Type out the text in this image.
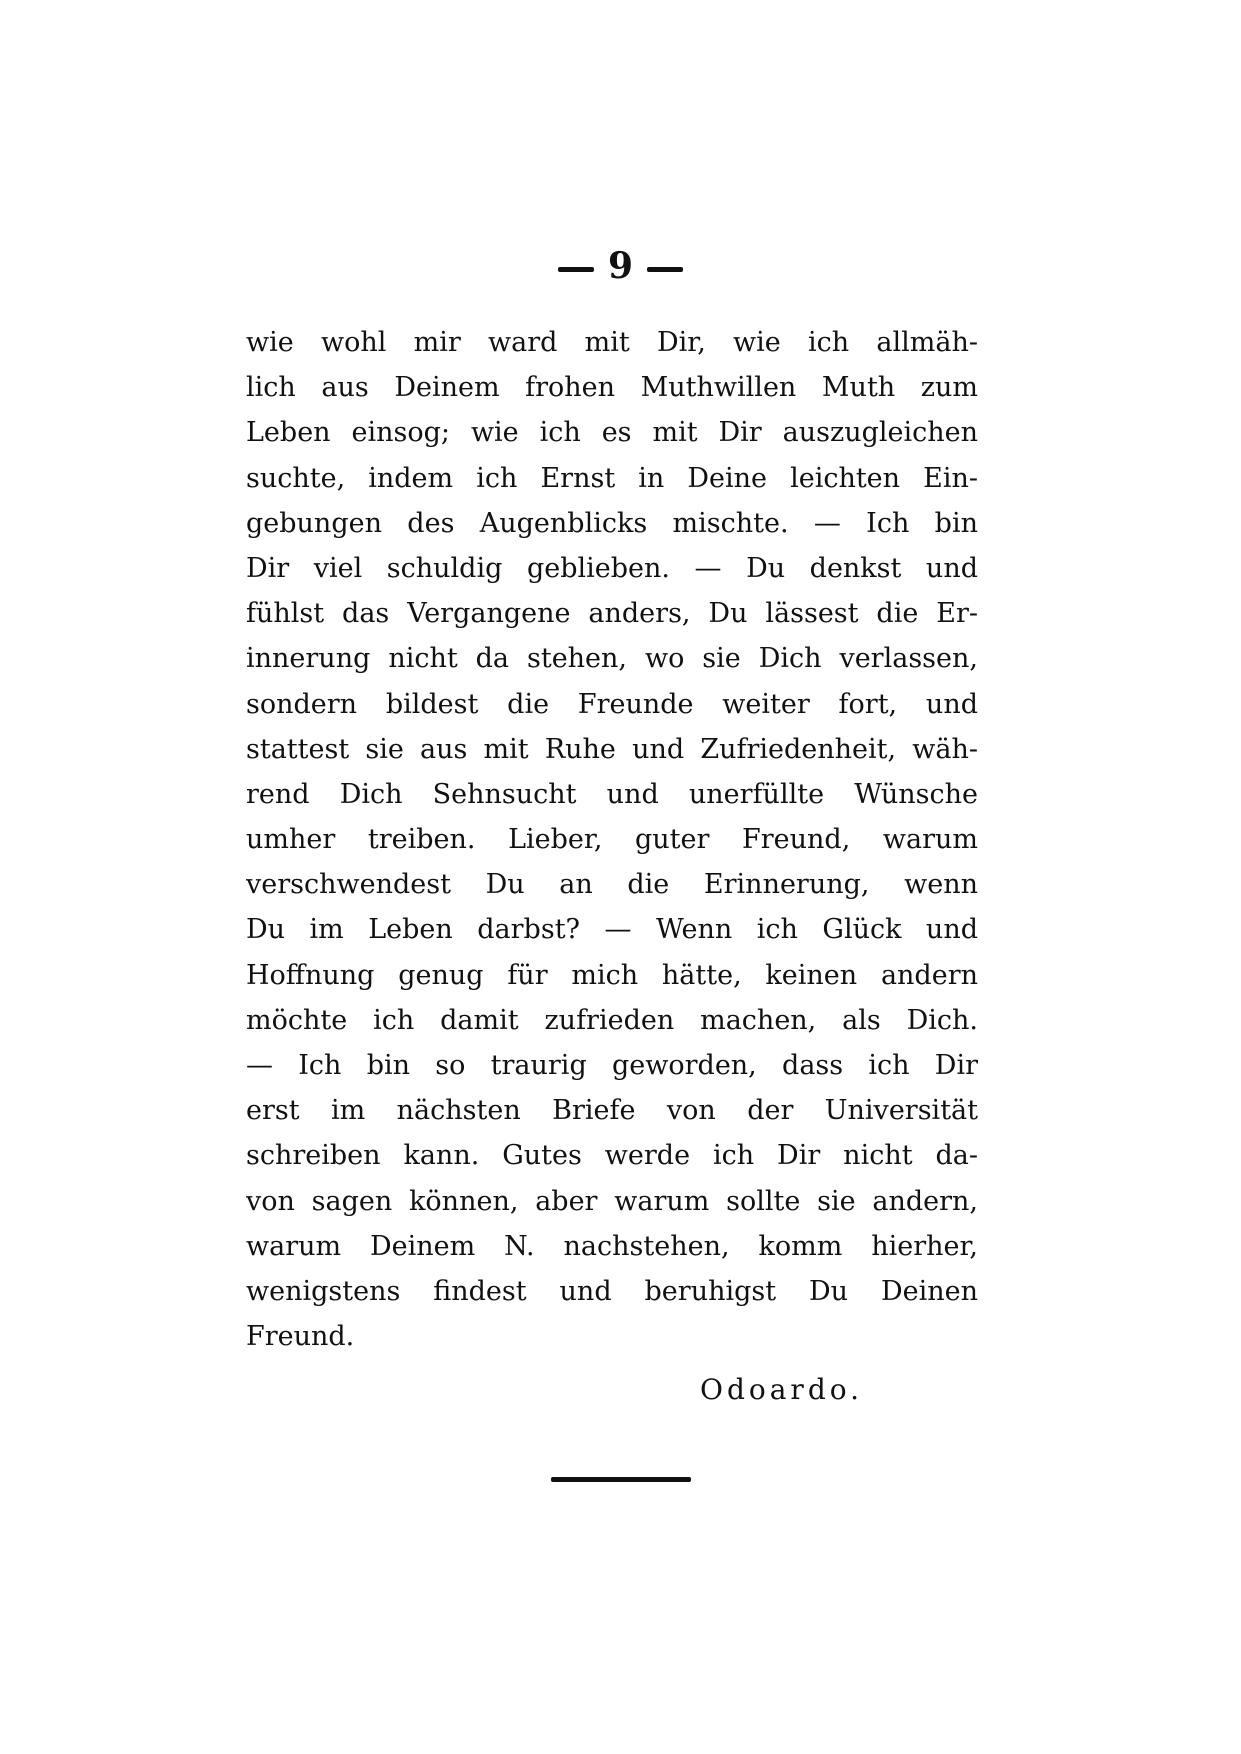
9
wie wohl mir ward mit Dir, wie ich allmäh-
lich aus Deinem frohen Muthwillen Muth zum
Leben einsog; wie ich es mit Dir auszugleichen
suchte, indem ich Ernst in Deine leichten Ein-
gebungen des Augenblicks mischte. — Ich bin
Dir viel schuldig geblieben. — Du denkst und
fühlst das Vergangene anders, Du lässest die Er-
innerung nicht da stehen, wo sie Dich verlassen,
sondern bildest die Freunde weiter fort, und
stattest sie aus mit Ruhe und Zufriedenheit, wäh-
rend Dich Sehnsucht und unerfüllte Wünsche
umher treiben. Lieber, guter Freund, warum
verschwendest Du an die Erinnerung, wenn
Du im Leben darbst? — Wenn ich Glück und
Hoffnung genug für mich hätte, keinen andern
möchte ich damit zufrieden machen, als Dich.
— Ich bin so traurig geworden, dass ich Dir
erst im nächsten Briefe von der Universität
schreiben kann. Gutes werde ich Dir nicht da-
von sagen können, aber warum sollte sie andern,
warum Deinem N. nachstehen, komm hierher,
wenigstens findest und beruhigst Du Deinen
Freund.
Odoardo.
